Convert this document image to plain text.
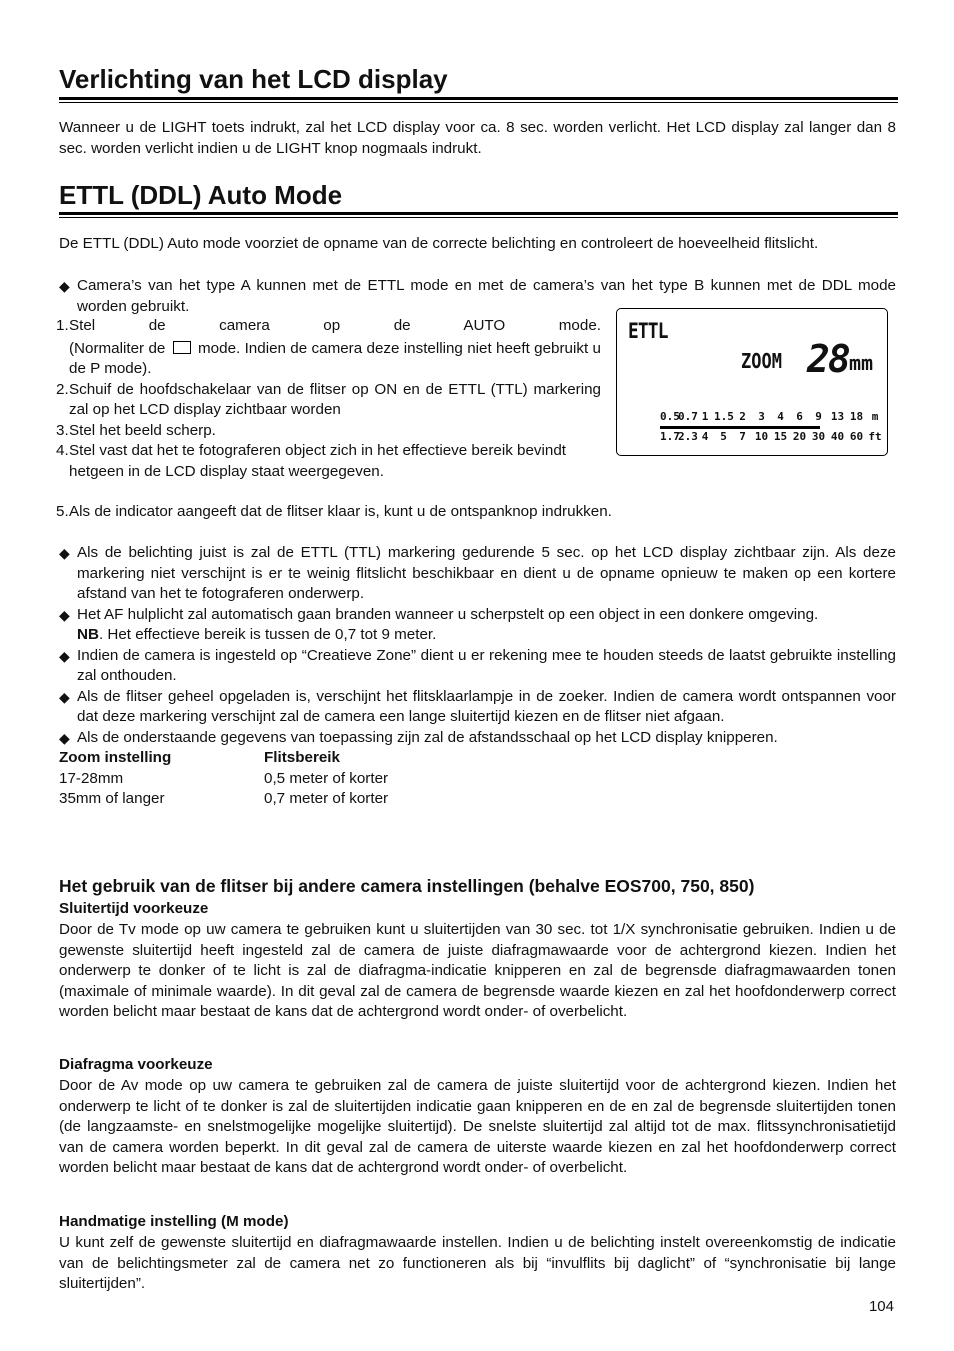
Verlichting van het LCD display

Wanneer u de LIGHT toets indrukt, zal het LCD display voor ca. 8 sec. worden verlicht. Het LCD display zal langer dan 8 sec. worden verlicht indien u de LIGHT knop nogmaals indrukt.

ETTL (DDL) Auto Mode

De ETTL (DDL) Auto mode voorziet de opname van de correcte belichting en controleert de hoeveelheid flitslicht.

◆ Camera’s van het type A kunnen met de ETTL mode en met de camera’s van het type B kunnen met de DDL mode worden gebruikt.
1. Stel de camera op de AUTO mode.
(Normaliter de mode. Indien de camera deze instelling niet heeft gebruikt u de P mode).
2. Schuif de hoofdschakelaar van de flitser op ON en de ETTL (TTL) markering zal op het LCD display zichtbaar worden
3. Stel het beeld scherp.
4. Stel vast dat het te fotograferen object zich in het effectieve bereik bevindt
hetgeen in de LCD display staat weergegeven.
5. Als de indicator aangeeft dat de flitser klaar is, kunt u de ontspanknop indrukken.
ETTL
ZOOM 28 mm
0.5
0.7 1 1.5 2	3	4	6	9 13 18 m
1.7
2.3 4	5	7 10 15 20 30 40 60 ft
◆ Als de belichting juist is zal de ETTL (TTL) markering gedurende 5 sec. op het LCD display zichtbaar zijn. Als deze markering niet verschijnt is er te weinig flitslicht beschikbaar en dient u de opname opnieuw te maken op een kortere afstand van het te fotograferen onderwerp.
◆ Het AF hulplicht zal automatisch gaan branden wanneer u scherpstelt op een object in een donkere omgeving.
NB. Het effectieve bereik is tussen de 0,7 tot 9 meter.
◆ Indien de camera is ingesteld op “Creatieve Zone” dient u er rekening mee te houden steeds de laatst gebruikte instelling zal onthouden.
◆ Als de flitser geheel opgeladen is, verschijnt het flitsklaarlampje in de zoeker. Indien de camera wordt ontspannen voor dat deze markering verschijnt zal de camera een lange sluitertijd kiezen en de flitser niet afgaan.
◆ Als de onderstaande gegevens van toepassing zijn zal de afstandsschaal op het LCD display knipperen.
Zoom instelling	Flitsbereik
17-28mm	0,5 meter of korter
35mm of langer	0,7 meter of korter
Het gebruik van de flitser bij andere camera instellingen (behalve EOS700, 750, 850)
Sluitertijd voorkeuze

Door de Tv mode op uw camera te gebruiken kunt u sluitertijden van 30 sec. tot 1/X synchronisatie gebruiken. Indien u de gewenste sluitertijd heeft ingesteld zal de camera de juiste diafragmawaarde voor de achtergrond kiezen. Indien het onderwerp te donker of te licht is zal de diafragma-indicatie knipperen en zal de begrensde diafragmawaarden tonen (maximale of minimale waarde). In dit geval zal de camera de begrensde waarde kiezen en zal het hoofdonderwerp correct worden belicht maar bestaat de kans dat de achtergrond wordt onder- of overbelicht.

Diafragma voorkeuze

Door de Av mode op uw camera te gebruiken zal de camera de juiste sluitertijd voor de achtergrond kiezen. Indien het onderwerp te licht of te donker is zal de sluitertijden indicatie gaan knipperen en de en zal de begrensde sluitertijden tonen (de langzaamste- en snelstmogelijke mogelijke sluitertijd). De snelste sluitertijd zal altijd tot de max. flitssynchronisatietijd van de camera worden beperkt. In dit geval zal de camera de uiterste waarde kiezen en zal het hoofdonderwerp correct worden belicht maar bestaat de kans dat de achtergrond wordt onder- of overbelicht.

Handmatige instelling (M mode)

U kunt zelf de gewenste sluitertijd en diafragmawaarde instellen. Indien u de belichting instelt overeenkomstig de indicatie van de belichtingsmeter zal de camera net zo functioneren als bij “invulflits bij daglicht” of “synchronisatie bij lange sluitertijden”.

104
